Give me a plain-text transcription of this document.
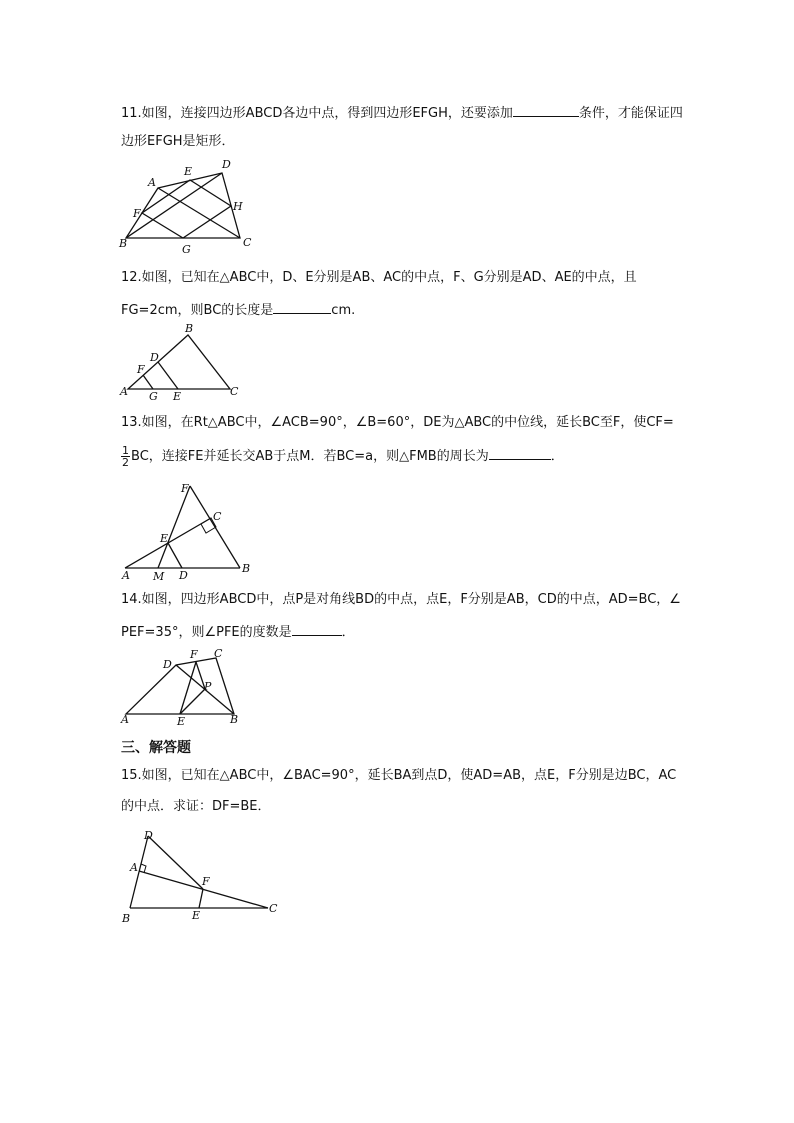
11.如图，连接四边形ABCD各边中点，得到四边形EFGH，还要添加	条件，才能保证四
边形EFGH是矩形．
A
E
D
F
H
B	G
C
12.如图，已知在△ABC中，D、E分别是AB、AC的中点，F、G分别是AD、AE的中点，且
FG=2cm，则BC的长度是	cm.
B
D
F
A G E	C
13.如图，在Rt△ABC中，∠ACB=90°，∠B=60°，DE为△ABC的中位线，延长BC至F，使CF=
$\frac{1}{2}$ BC，连接FE并延长交AB于点M．若BC=a，则△FMB的周长为	．
F
C
E
A M D
B
14.如图，四边形ABCD中，点P是对角线BD的中点，点E，F分别是AB，CD的中点，AD=BC，∠
PEF=35°，则∠PFE的度数是	．
D
F C
P
A	E	B
三、解答题
15.如图，已知在△ABC中，∠BAC=90°，延长BA到点D，使AD=AB，点E，F分别是边BC，AC
的中点．求证：DF=BE．
D
A
F
B	E
C
